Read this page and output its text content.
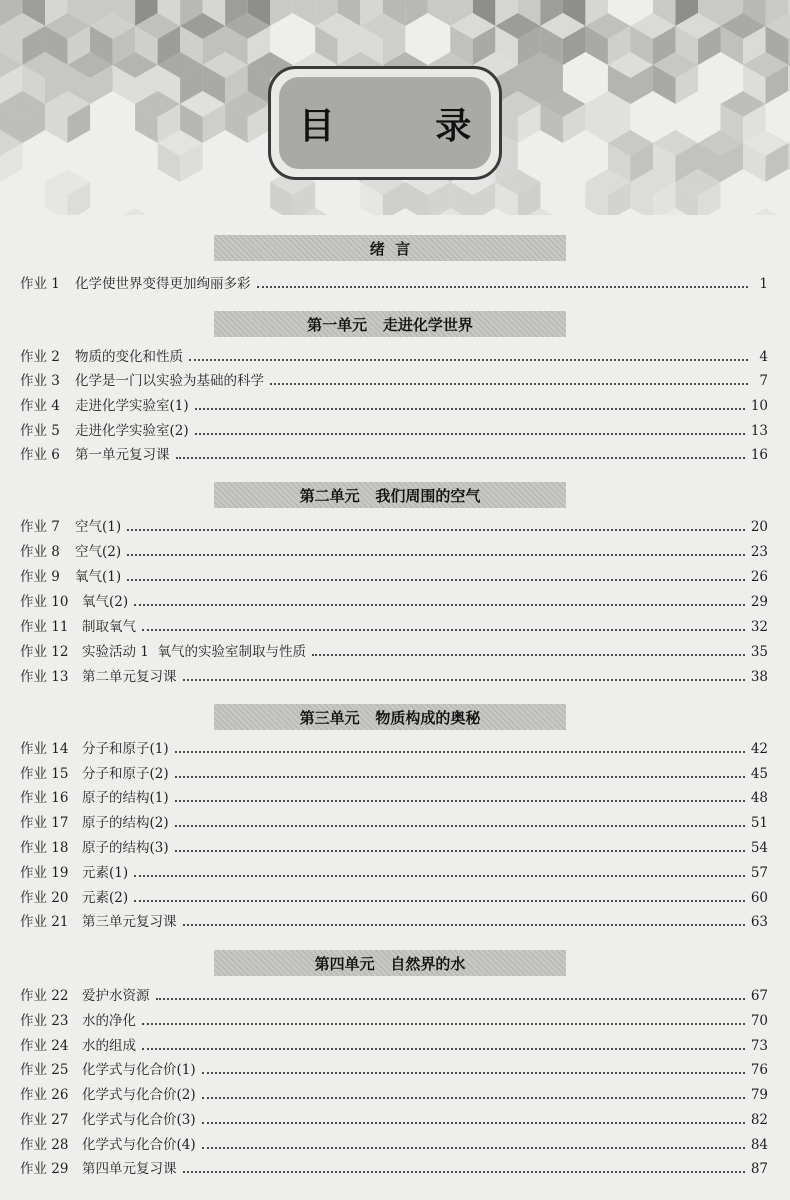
目 录
绪  言
作业 1	化学使世界变得更加绚丽多彩	1
第一单元   走进化学世界
作业 2	物质的变化和性质	4
作业 3	化学是一门以实验为基础的科学	7
作业 4	走进化学实验室(1)	10
作业 5	走进化学实验室(2)	13
作业 6	第一单元复习课	16
第二单元   我们周围的空气
作业 7	空气(1)	20
作业 8	空气(2)	23
作业 9	氧气(1)	26
作业 10	氧气(2)	29
作业 11	制取氧气	32
作业 12	实验活动 1  氧气的实验室制取与性质	35
作业 13	第二单元复习课	38
第三单元   物质构成的奥秘
作业 14	分子和原子(1)	42
作业 15	分子和原子(2)	45
作业 16	原子的结构(1)	48
作业 17	原子的结构(2)	51
作业 18	原子的结构(3)	54
作业 19	元素(1)	57
作业 20	元素(2)	60
作业 21	第三单元复习课	63
第四单元   自然界的水
作业 22	爱护水资源	67
作业 23	水的净化	70
作业 24	水的组成	73
作业 25	化学式与化合价(1)	76
作业 26	化学式与化合价(2)	79
作业 27	化学式与化合价(3)	82
作业 28	化学式与化合价(4)	84
作业 29	第四单元复习课	87
